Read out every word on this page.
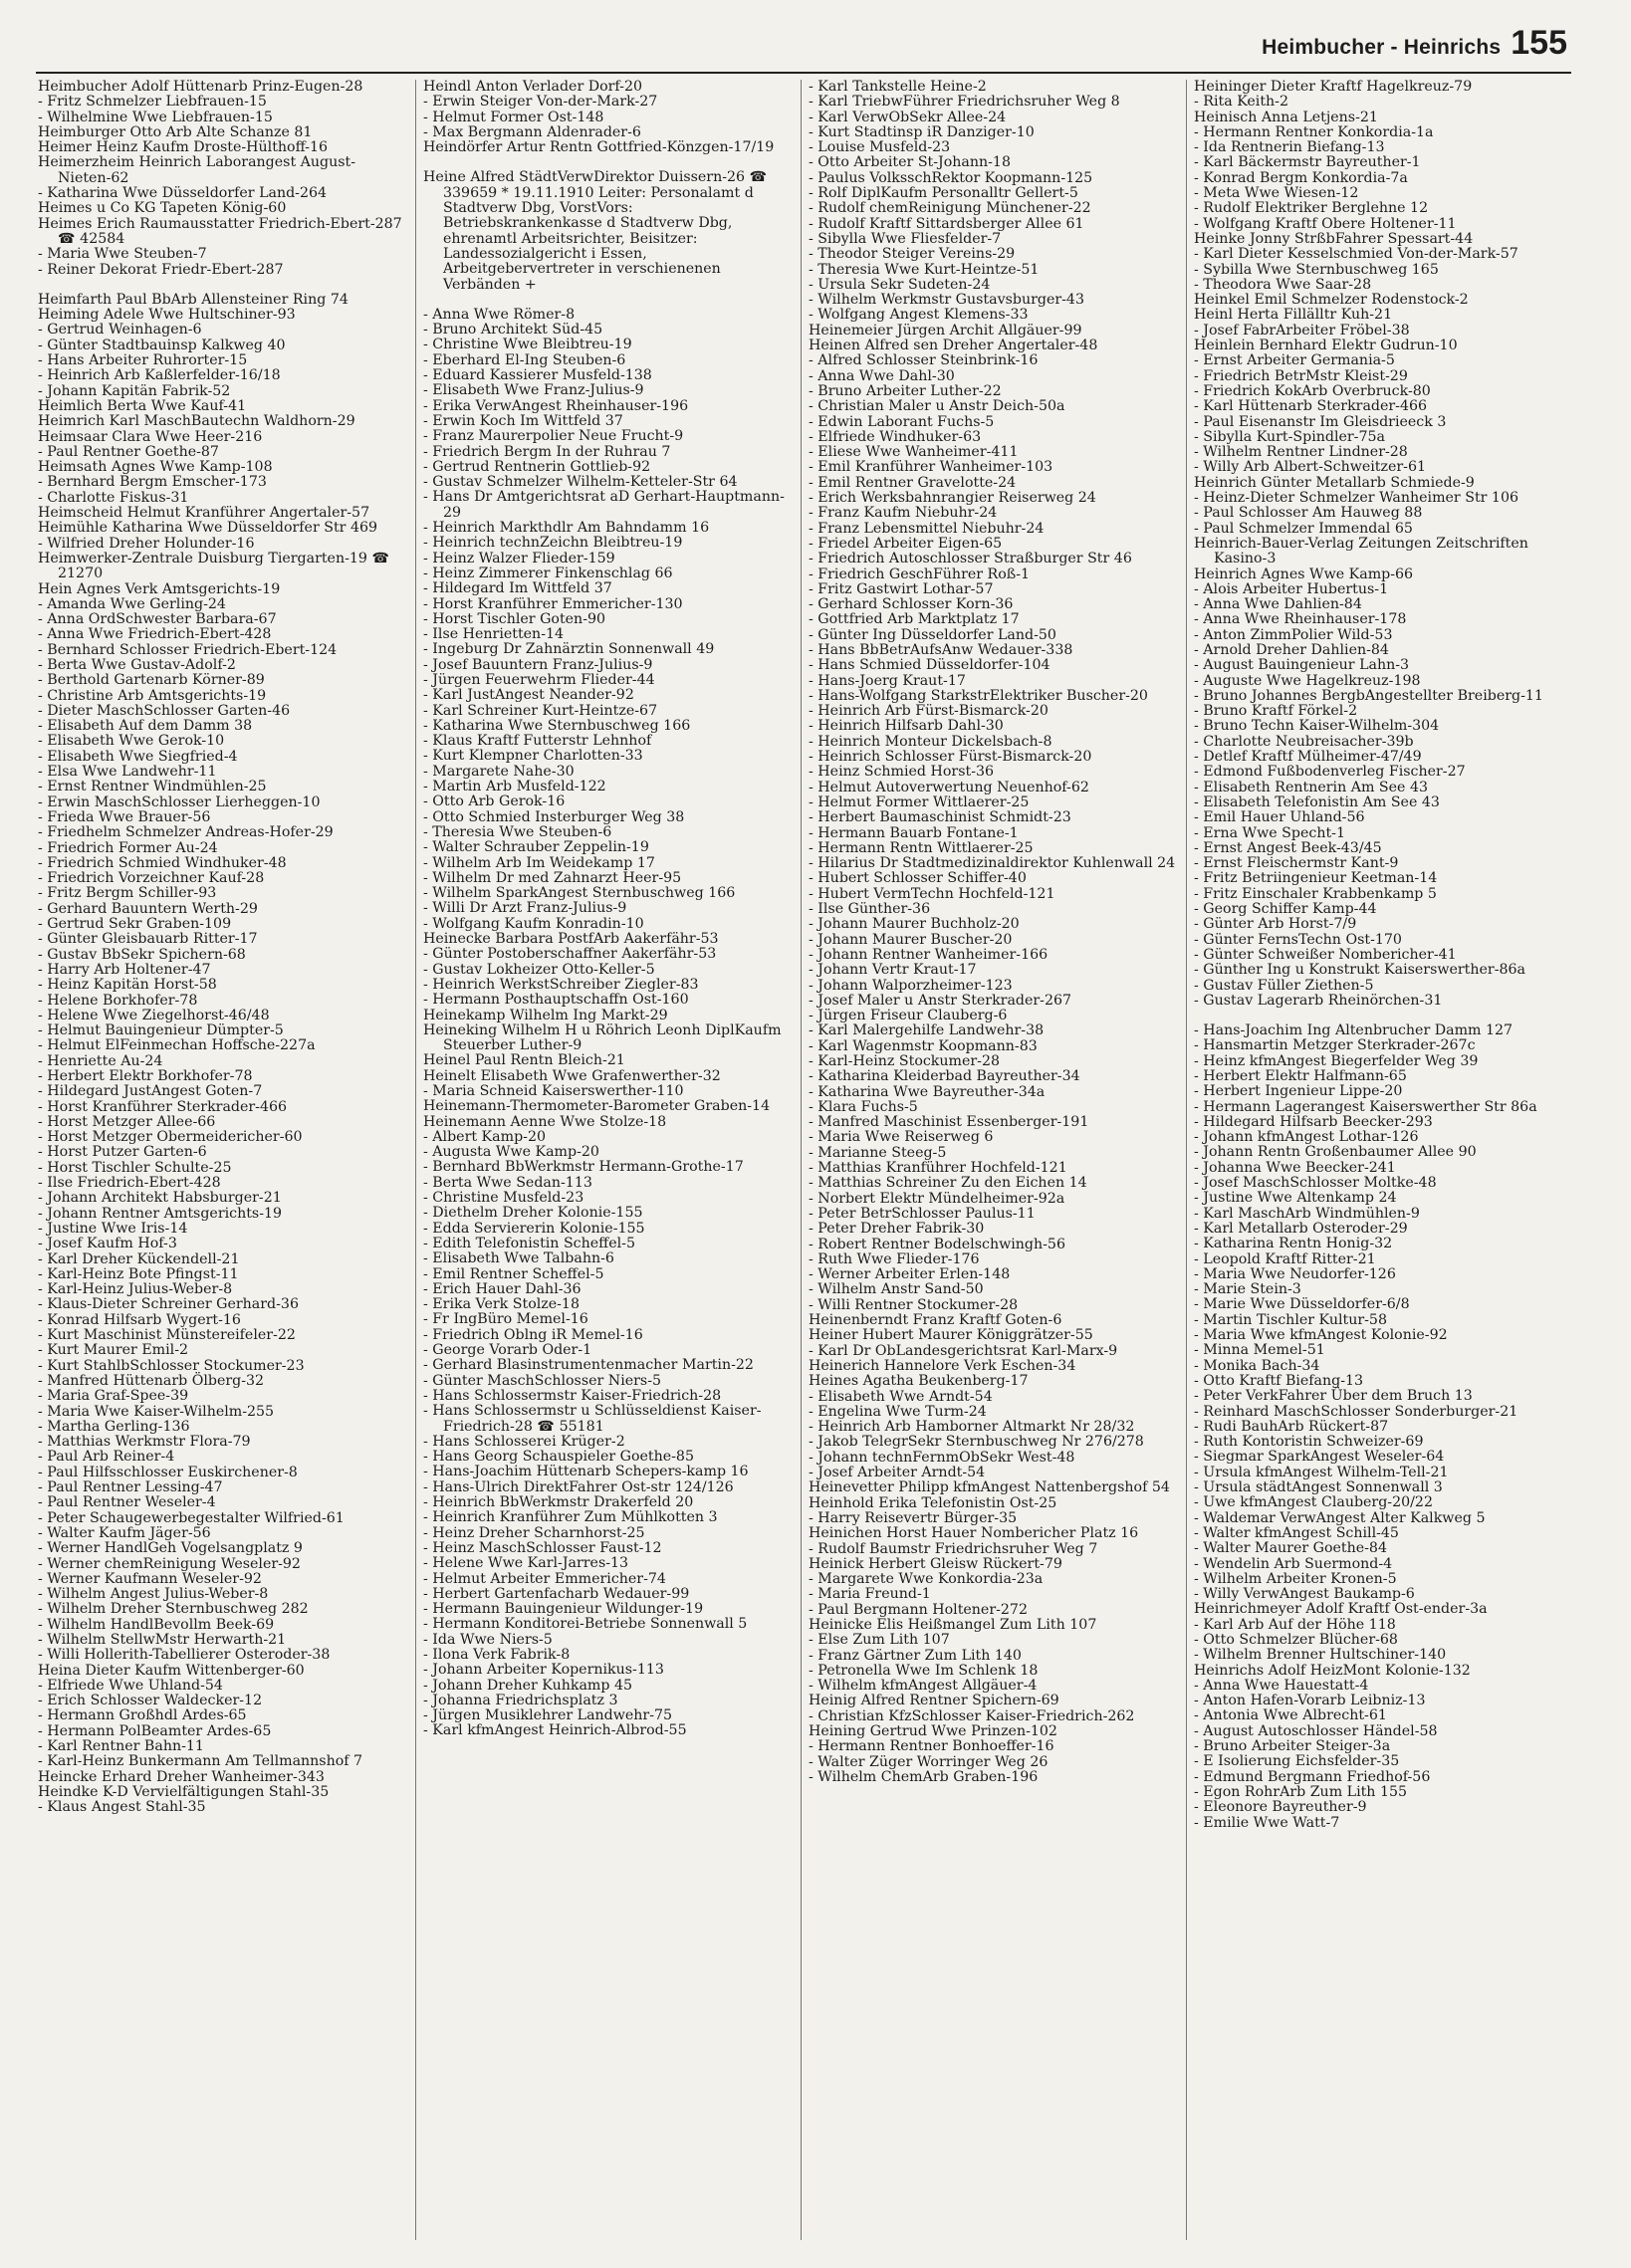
Heimbucher - Heinrichs 155
Heimbucher Adolf Hüttenarb Prinz-Eugen-28
- Fritz Schmelzer Liebfrauen-15
- Wilhelmine Wwe Liebfrauen-15
Heimburger Otto Arb Alte Schanze 81
Heimer Heinz Kaufm Droste-Hülthoff-16
Heimerzheim Heinrich Laborangest August-Nieten-62
- Katharina Wwe Düsseldorfer Land-264
Heimes u Co KG Tapeten König-60
Heimes Erich Raumausstatter Friedrich-Ebert-287 ☎ 42584
- Maria Wwe Steuben-7
- Reiner Dekorat Friedr-Ebert-287
Heimfarth Paul BbArb Allensteiner Ring 74
Heiming Adele Wwe Hultschiner-93
- Gertrud Weinhagen-6
- Günter Stadtbauinsp Kalkweg 40
- Hans Arbeiter Ruhrorter-15
- Heinrich Arb Kaßlerfelder-16/18
- Johann Kapitän Fabrik-52
Heimlich Berta Wwe Kauf-41
Heimrich Karl MaschBautechn Waldhorn-29
Heimsaar Clara Wwe Heer-216
- Paul Rentner Goethe-87
Heimsath Agnes Wwe Kamp-108
- Bernhard Bergm Emscher-173
- Charlotte Fiskus-31
Heimscheid Helmut Kranführer Angertaler-57
Heimühle Katharina Wwe Düsseldorfer Str 469
- Wilfried Dreher Holunder-16
Heimwerker-Zentrale Duisburg Tiergarten-19 ☎ 21270
Hein Agnes Verk Amtsgerichts-19
- Amanda Wwe Gerling-24
- Anna OrdSchwester Barbara-67
- Anna Wwe Friedrich-Ebert-428
- Bernhard Schlosser Friedrich-Ebert-124
- Berta Wwe Gustav-Adolf-2
- Berthold Gartenarb Körner-89
- Christine Arb Amtsgerichts-19
- Dieter MaschSchlosser Garten-46
- Elisabeth Auf dem Damm 38
- Elisabeth Wwe Gerok-10
- Elisabeth Wwe Siegfried-4
- Elsa Wwe Landwehr-11
- Ernst Rentner Windmühlen-25
- Erwin MaschSchlosser Lierheggen-10
- Frieda Wwe Brauer-56
- Friedhelm Schmelzer Andreas-Hofer-29
- Friedrich Former Au-24
- Friedrich Schmied Windhuker-48
- Friedrich Vorzeichner Kauf-28
- Fritz Bergm Schiller-93
- Gerhard Bauuntern Werth-29
- Gertrud Sekr Graben-109
- Günter Gleisbauarb Ritter-17
- Gustav BbSekr Spichern-68
- Harry Arb Holtener-47
- Heinz Kapitän Horst-58
- Helene Borkhofer-78
- Helene Wwe Ziegelhorst-46/48
- Helmut Bauingenieur Dümpter-5
- Helmut ElFeinmechan Hoffsche-227a
- Henriette Au-24
- Herbert Elektr Borkhofer-78
- Hildegard JustAngest Goten-7
- Horst Kranführer Sterkrader-466
- Horst Metzger Allee-66
- Horst Metzger Obermeidericher-60
- Horst Putzer Garten-6
- Horst Tischler Schulte-25
- Ilse Friedrich-Ebert-428
- Johann Architekt Habsburger-21
- Johann Rentner Amtsgerichts-19
- Justine Wwe Iris-14
- Josef Kaufm Hof-3
- Karl Dreher Kückendell-21
- Karl-Heinz Bote Pfingst-11
- Karl-Heinz Julius-Weber-8
- Klaus-Dieter Schreiner Gerhard-36
- Konrad Hilfsarb Wygert-16
- Kurt Maschinist Münstereifeler-22
- Kurt Maurer Emil-2
- Kurt StahlbSchlosser Stockumer-23
- Manfred Hüttenarb Ölberg-32
- Maria Graf-Spee-39
- Maria Wwe Kaiser-Wilhelm-255
- Martha Gerling-136
- Matthias Werkmstr Flora-79
- Paul Arb Reiner-4
- Paul Hilfsschlosser Euskirchener-8
- Paul Rentner Lessing-47
- Paul Rentner Weseler-4
- Peter Schaugewerbegestalter Wilfried-61
- Walter Kaufm Jäger-56
- Werner HandlGeh Vogelsangplatz 9
- Werner chemReinigung Weseler-92
- Werner Kaufmann Weseler-92
- Wilhelm Angest Julius-Weber-8
- Wilhelm Dreher Sternbuschweg 282
- Wilhelm HandlBevollm Beek-69
- Wilhelm StellwMstr Herwarth-21
- Willi Hollerith-Tabellierer Osteroder-38
Heina Dieter Kaufm Wittenberger-60
- Elfriede Wwe Uhland-54
- Erich Schlosser Waldecker-12
- Hermann Großhdl Ardes-65
- Hermann PolBeamter Ardes-65
- Karl Rentner Bahn-11
- Karl-Heinz Bunkermann Am Tellmannshof 7
Heincke Erhard Dreher Wanheimer-343
Heindke K-D Vervielfältigungen Stahl-35
- Klaus Angest Stahl-35
Heindl Anton Verlader Dorf-20
- Erwin Steiger Von-der-Mark-27
- Helmut Former Ost-148
- Max Bergmann Aldenrader-6
Heindörfer Artur Rentn Gottfried-Könzgen-17/19
Heine Alfred StädtVerwDirektor Duissern-26 ☎ 339659 * 19.11.1910 Leiter: Personalamt d Stadtverw Dbg, VorstVors: Betriebskrankenkasse d Stadtverw Dbg, ehrenamtl Arbeitsrichter, Beisitzer: Landessozialgericht i Essen, Arbeitgebervertreter in verschienenen Verbänden +
- Anna Wwe Römer-8
- Bruno Architekt Süd-45
- Christine Wwe Bleibtreu-19
- Eberhard El-Ing Steuben-6
- Eduard Kassierer Musfeld-138
- Elisabeth Wwe Franz-Julius-9
- Erika VerwAngest Rheinhauser-196
- Erwin Koch Im Wittfeld 37
- Franz Maurerpolier Neue Frucht-9
- Friedrich Bergm In der Ruhrau 7
- Gertrud Rentnerin Gottlieb-92
- Gustav Schmelzer Wilhelm-Ketteler-Str 64
- Hans Dr Amtgerichtsrat aD Gerhart-Hauptmann-29
- Heinrich Markthdlr Am Bahndamm 16
- Heinrich technZeichn Bleibtreu-19
- Heinz Walzer Flieder-159
- Heinz Zimmerer Finkenschlag 66
- Hildegard Im Wittfeld 37
- Horst Kranführer Emmericher-130
- Horst Tischler Goten-90
- Ilse Henrietten-14
- Ingeburg Dr Zahnärztin Sonnenwall 49
- Josef Bauuntern Franz-Julius-9
- Jürgen Feuerwehrm Flieder-44
- Karl JustAngest Neander-92
- Karl Schreiner Kurt-Heintze-67
- Katharina Wwe Sternbuschweg 166
- Klaus Kraftf Futterstr Lehnhof
- Kurt Klempner Charlotten-33
- Margarete Nahe-30
- Martin Arb Musfeld-122
- Otto Arb Gerok-16
- Otto Schmied Insterburger Weg 38
- Theresia Wwe Steuben-6
- Walter Schrauber Zeppelin-19
- Wilhelm Arb Im Weidekamp 17
- Wilhelm Dr med Zahnarzt Heer-95
- Wilhelm SparkAngest Sternbuschweg 166
- Willi Dr Arzt Franz-Julius-9
- Wolfgang Kaufm Konradin-10
Heinecke Barbara PostfArb Aakerfähr-53
- Günter Postoberschaffner Aakerfähr-53
- Gustav Lokheizer Otto-Keller-5
- Heinrich WerkstSchreiber Ziegler-83
- Hermann Posthauptschaffn Ost-160
Heinekamp Wilhelm Ing Markt-29
Heineking Wilhelm H u Röhrich Leonh DiplKaufm Steuerber Luther-9
Heinel Paul Rentn Bleich-21
Heinelt Elisabeth Wwe Grafenwerther-32
- Maria Schneid Kaiserswerther-110
Heinemann-Thermometer-Barometer Graben-14
Heinemann Aenne Wwe Stolze-18
- Albert Kamp-20
- Augusta Wwe Kamp-20
- Bernhard BbWerkmstr Hermann-Grothe-17
- Berta Wwe Sedan-113
- Christine Musfeld-23
- Diethelm Dreher Kolonie-155
- Edda Serviererin Kolonie-155
- Edith Telefonistin Scheffel-5
- Elisabeth Wwe Talbahn-6
- Emil Rentner Scheffel-5
- Erich Hauer Dahl-36
- Erika Verk Stolze-18
- Fr IngBüro Memel-16
- Friedrich Oblng iR Memel-16
- George Vorarb Oder-1
- Gerhard Blasinstrumentenmacher Martin-22
- Günter MaschSchlosser Niers-5
- Hans Schlossermstr Kaiser-Friedrich-28
- Hans Schlossermstr u Schlüsseldienst Kaiser-Friedrich-28 ☎ 55181
- Hans Schlosserei Krüger-2
- Hans Georg Schauspieler Goethe-85
- Hans-Joachim Hüttenarb Schepers-kamp 16
- Hans-Ulrich DirektFahrer Ost-str 124/126
- Heinrich BbWerkmstr Drakerfeld 20
- Heinrich Kranführer Zum Mühlkotten 3
- Heinz Dreher Scharnhorst-25
- Heinz MaschSchlosser Faust-12
- Helene Wwe Karl-Jarres-13
- Helmut Arbeiter Emmericher-74
- Herbert Gartenfacharb Wedauer-99
- Hermann Bauingenieur Wildunger-19
- Hermann Konditorei-Betriebe Sonnenwall 5
- Ida Wwe Niers-5
- Ilona Verk Fabrik-8
- Johann Arbeiter Kopernikus-113
- Johann Dreher Kuhkamp 45
- Johanna Friedrichsplatz 3
- Jürgen Musiklehrer Landwehr-75
- Karl kfmAngest Heinrich-Albrod-55
- Karl Tankstelle Heine-2
- Karl TriebwFührer Friedrichsruher Weg 8
- Karl VerwObSekr Allee-24
- Kurt Stadtinsp iR Danziger-10
- Louise Musfeld-23
- Otto Arbeiter St-Johann-18
- Paulus VolksschRektor Koopmann-125
- Rolf DiplKaufm Personalltr Gellert-5
- Rudolf chemReinigung Münchener-22
- Rudolf Kraftf Sittardsberger Allee 61
- Sibylla Wwe Fliesfelder-7
- Theodor Steiger Vereins-29
- Theresia Wwe Kurt-Heintze-51
- Ursula Sekr Sudeten-24
- Wilhelm Werkmstr Gustavsburger-43
- Wolfgang Angest Klemens-33
Heinemeier Jürgen Archit Allgäuer-99
Heinen Alfred sen Dreher Angertaler-48
- Alfred Schlosser Steinbrink-16
- Anna Wwe Dahl-30
- Bruno Arbeiter Luther-22
- Christian Maler u Anstr Deich-50a
- Edwin Laborant Fuchs-5
- Elfriede Windhuker-63
- Eliese Wwe Wanheimer-411
- Emil Kranführer Wanheimer-103
- Emil Rentner Gravelotte-24
- Erich Werksbahnrangier Reiserweg 24
- Franz Kaufm Niebuhr-24
- Franz Lebensmittel Niebuhr-24
- Friedel Arbeiter Eigen-65
- Friedrich Autoschlosser Straßburger Str 46
- Friedrich GeschFührer Roß-1
- Fritz Gastwirt Lothar-57
- Gerhard Schlosser Korn-36
- Gottfried Arb Marktplatz 17
- Günter Ing Düsseldorfer Land-50
- Hans BbBetrAufsAnw Wedauer-338
- Hans Schmied Düsseldorfer-104
- Hans-Joerg Kraut-17
- Hans-Wolfgang StarkstrElektriker Buscher-20
- Heinrich Arb Fürst-Bismarck-20
- Heinrich Hilfsarb Dahl-30
- Heinrich Monteur Dickelsbach-8
- Heinrich Schlosser Fürst-Bismarck-20
- Heinz Schmied Horst-36
- Helmut Autoverwertung Neuenhof-62
- Helmut Former Wittlaerer-25
- Herbert Baumaschinist Schmidt-23
- Hermann Bauarb Fontane-1
- Hermann Rentn Wittlaerer-25
- Hilarius Dr Stadtmedizinaldirektor Kuhlenwall 24
- Hubert Schlosser Schiffer-40
- Hubert VermTechn Hochfeld-121
- Ilse Günther-36
- Johann Maurer Buchholz-20
- Johann Maurer Buscher-20
- Johann Rentner Wanheimer-166
- Johann Vertr Kraut-17
- Johann Walporzheimer-123
- Josef Maler u Anstr Sterkrader-267
- Jürgen Friseur Clauberg-6
- Karl Malergehilfe Landwehr-38
- Karl Wagenmstr Koopmann-83
- Karl-Heinz Stockumer-28
- Katharina Kleiderbad Bayreuther-34
- Katharina Wwe Bayreuther-34a
- Klara Fuchs-5
- Manfred Maschinist Essenberger-191
- Maria Wwe Reiserweg 6
- Marianne Steeg-5
- Matthias Kranführer Hochfeld-121
- Matthias Schreiner Zu den Eichen 14
- Norbert Elektr Mündelheimer-92a
- Peter BetrSchlosser Paulus-11
- Peter Dreher Fabrik-30
- Robert Rentner Bodelschwingh-56
- Ruth Wwe Flieder-176
- Werner Arbeiter Erlen-148
- Wilhelm Anstr Sand-50
- Willi Rentner Stockumer-28
Heinenberndt Franz Kraftf Goten-6
Heiner Hubert Maurer Königgrätzer-55
- Karl Dr ObLandesgerichtsrat Karl-Marx-9
Heinerich Hannelore Verk Eschen-34
Heines Agatha Beukenberg-17
- Elisabeth Wwe Arndt-54
- Engelina Wwe Turm-24
- Heinrich Arb Hamborner Altmarkt Nr 28/32
- Jakob TelegrSekr Sternbuschweg Nr 276/278
- Johann technFernmObSekr West-48
- Josef Arbeiter Arndt-54
Heinevetter Philipp kfmAngest Nattenbergshof 54
Heinhold Erika Telefonistin Ost-25
- Harry Reisevertr Bürger-35
Heinichen Horst Hauer Nombericher Platz 16
- Rudolf Baumstr Friedrichsruher Weg 7
Heinick Herbert Gleisw Rückert-79
- Margarete Wwe Konkordia-23a
- Maria Freund-1
- Paul Bergmann Holtener-272
Heinicke Elis Heißmangel Zum Lith 107
- Else Zum Lith 107
- Franz Gärtner Zum Lith 140
- Petronella Wwe Im Schlenk 18
- Wilhelm kfmAngest Allgäuer-4
Heinig Alfred Rentner Spichern-69
- Christian KfzSchlosser Kaiser-Friedrich-262
Heining Gertrud Wwe Prinzen-102
- Hermann Rentner Bonhoeffer-16
- Walter Züger Worringer Weg 26
- Wilhelm ChemArb Graben-196
Heininger Dieter Kraftf Hagelkreuz-79
- Rita Keith-2
Heinisch Anna Letjens-21
- Hermann Rentner Konkordia-1a
- Ida Rentnerin Biefang-13
- Karl Bäckermstr Bayreuther-1
- Konrad Bergm Konkordia-7a
- Meta Wwe Wiesen-12
- Rudolf Elektriker Berglehne 12
- Wolfgang Kraftf Obere Holtener-11
Heinke Jonny StrßbFahrer Spessart-44
- Karl Dieter Kesselschmied Von-der-Mark-57
- Sybilla Wwe Sternbuschweg 165
- Theodora Wwe Saar-28
Heinkel Emil Schmelzer Rodenstock-2
Heinl Herta Fillälltr Kuh-21
- Josef FabrArbeiter Fröbel-38
Heinlein Bernhard Elektr Gudrun-10
- Ernst Arbeiter Germania-5
- Friedrich BetrMstr Kleist-29
- Friedrich KokArb Overbruck-80
- Karl Hüttenarb Sterkrader-466
- Paul Eisenanstr Im Gleisdrieeck 3
- Sibylla Kurt-Spindler-75a
- Wilhelm Rentner Lindner-28
- Willy Arb Albert-Schweitzer-61
Heinrich Günter Metallarb Schmiede-9
- Heinz-Dieter Schmelzer Wanheimer Str 106
- Paul Schlosser Am Hauweg 88
- Paul Schmelzer Immendal 65
Heinrich-Bauer-Verlag Zeitungen Zeitschriften Kasino-3
Heinrich Agnes Wwe Kamp-66
- Alois Arbeiter Hubertus-1
- Anna Wwe Dahlien-84
- Anna Wwe Rheinhauser-178
- Anton ZimmPolier Wild-53
- Arnold Dreher Dahlien-84
- August Bauingenieur Lahn-3
- Auguste Wwe Hagelkreuz-198
- Bruno Johannes BergbAngestellter Breiberg-11
- Bruno Kraftf Förkel-2
- Bruno Techn Kaiser-Wilhelm-304
- Charlotte Neubreisacher-39b
- Detlef Kraftf Mülheimer-47/49
- Edmond Fußbodenverleg Fischer-27
- Elisabeth Rentnerin Am See 43
- Elisabeth Telefonistin Am See 43
- Emil Hauer Uhland-56
- Erna Wwe Specht-1
- Ernst Angest Beek-43/45
- Ernst Fleischermstr Kant-9
- Fritz Betriingenieur Keetman-14
- Fritz Einschaler Krabbenkamp 5
- Georg Schiffer Kamp-44
- Günter Arb Horst-7/9
- Günter FernsTechn Ost-170
- Günter Schweißer Nombericher-41
- Günther Ing u Konstrukt Kaiserswerther-86a
- Gustav Füller Ziethen-5
- Gustav Lagerarb Rheinörchen-31
- Hans-Joachim Ing Altenbrucher Damm 127
- Hansmartin Metzger Sterkrader-267c
- Heinz kfmAngest Biegerfelder Weg 39
- Herbert Elektr Halfmann-65
- Herbert Ingenieur Lippe-20
- Hermann Lagerangest Kaiserswerther Str 86a
- Hildegard Hilfsarb Beecker-293
- Johann kfmAngest Lothar-126
- Johann Rentn Großenbaumer Allee 90
- Johanna Wwe Beecker-241
- Josef MaschSchlosser Moltke-48
- Justine Wwe Altenkamp 24
- Karl MaschArb Windmühlen-9
- Karl Metallarb Osteroder-29
- Katharina Rentn Honig-32
- Leopold Kraftf Ritter-21
- Maria Wwe Neudorfer-126
- Marie Stein-3
- Marie Wwe Düsseldorfer-6/8
- Martin Tischler Kultur-58
- Maria Wwe kfmAngest Kolonie-92
- Minna Memel-51
- Monika Bach-34
- Otto Kraftf Biefang-13
- Peter VerkFahrer Über dem Bruch 13
- Reinhard MaschSchlosser Sonderburger-21
- Rudi BauhArb Rückert-87
- Ruth Kontoristin Schweizer-69
- Siegmar SparkAngest Weseler-64
- Ursula kfmAngest Wilhelm-Tell-21
- Ursula städtAngest Sonnenwall 3
- Uwe kfmAngest Clauberg-20/22
- Waldemar VerwAngest Alter Kalkweg 5
- Walter kfmAngest Schill-45
- Walter Maurer Goethe-84
- Wendelin Arb Suermond-4
- Wilhelm Arbeiter Kronen-5
- Willy VerwAngest Baukamp-6
Heinrichmeyer Adolf Kraftf Ost-ender-3a
- Karl Arb Auf der Höhe 118
- Otto Schmelzer Blücher-68
- Wilhelm Brenner Hultschiner-140
Heinrichs Adolf HeizMont Kolonie-132
- Anna Wwe Hauestatt-4
- Anton Hafen-Vorarb Leibniz-13
- Antonia Wwe Albrecht-61
- August Autoschlosser Händel-58
- Bruno Arbeiter Steiger-3a
- E Isolierung Eichsfelder-35
- Edmund Bergmann Friedhof-56
- Egon RohrArb Zum Lith 155
- Eleonore Bayreuther-9
- Emilie Wwe Watt-7
